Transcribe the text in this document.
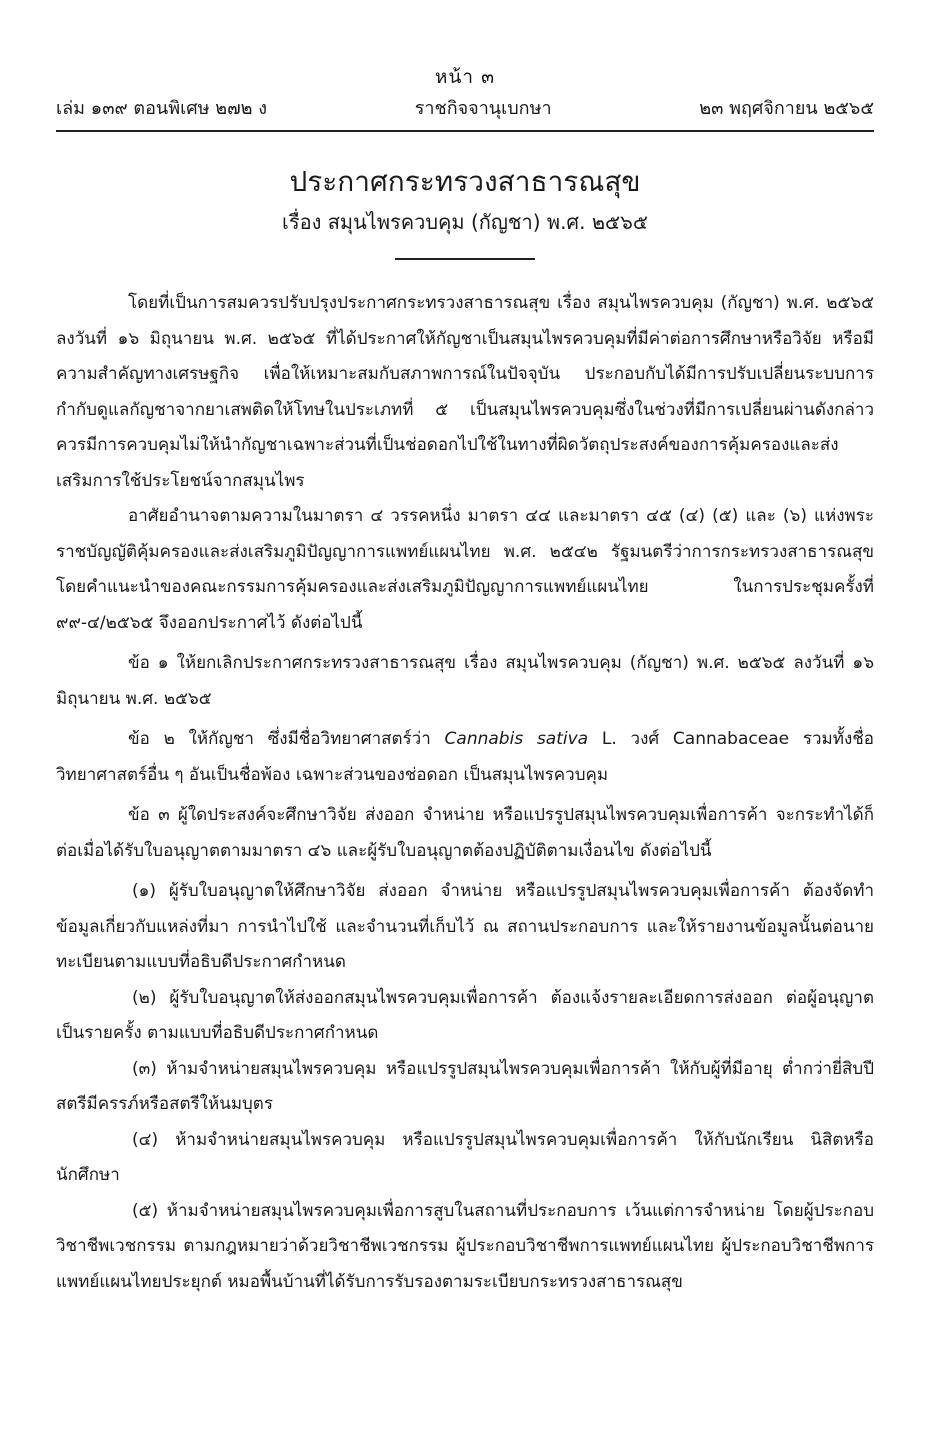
หน้า ๓
เล่ม ๑๓๙ ตอนพิเศษ ๒๗๒ ง	ราชกิจจานุเบกษา	๒๓ พฤศจิกายน ๒๕๖๕
ประกาศกระทรวงสาธารณสุข
เรื่อง สมุนไพรควบคุม (กัญชา) พ.ศ. ๒๕๖๕

โดยที่เป็นการสมควรปรับปรุงประกาศกระทรวงสาธารณสุข เรื่อง สมุนไพรควบคุม (กัญชา) พ.ศ. ๒๕๖๕ ลงวันที่ ๑๖ มิถุนายน พ.ศ. ๒๕๖๕ ที่ได้ประกาศให้กัญชาเป็นสมุนไพรควบคุมที่มีค่าต่อการศึกษาหรือวิจัย หรือมีความสำคัญทางเศรษฐกิจ เพื่อให้เหมาะสมกับสภาพการณ์ในปัจจุบัน ประกอบกับได้มีการปรับเปลี่ยนระบบการกำกับดูแลกัญชาจากยาเสพติดให้โทษในประเภทที่ ๕ เป็นสมุนไพรควบคุมซึ่งในช่วงที่มีการเปลี่ยนผ่านดังกล่าว ควรมีการควบคุมไม่ให้นำกัญชาเฉพาะส่วนที่เป็นช่อดอกไปใช้ในทางที่ผิดวัตถุประสงค์ของการคุ้มครองและส่งเสริมการใช้ประโยชน์จากสมุนไพร

อาศัยอำนาจตามความในมาตรา ๔ วรรคหนึ่ง มาตรา ๔๔ และมาตรา ๔๕ (๔) (๕) และ (๖) แห่งพระราชบัญญัติคุ้มครองและส่งเสริมภูมิปัญญาการแพทย์แผนไทย พ.ศ. ๒๕๔๒ รัฐมนตรีว่าการกระทรวงสาธารณสุขโดยคำแนะนำของคณะกรรมการคุ้มครองและส่งเสริมภูมิปัญญาการแพทย์แผนไทย ในการประชุมครั้งที่ ๙๙-๔/๒๕๖๕ จึงออกประกาศไว้ ดังต่อไปนี้

ข้อ ๑ ให้ยกเลิกประกาศกระทรวงสาธารณสุข เรื่อง สมุนไพรควบคุม (กัญชา) พ.ศ. ๒๕๖๕ ลงวันที่ ๑๖ มิถุนายน พ.ศ. ๒๕๖๕

ข้อ ๒ ให้กัญชา ซึ่งมีชื่อวิทยาศาสตร์ว่า Cannabis sativa L. วงศ์ Cannabaceae รวมทั้งชื่อวิทยาศาสตร์อื่น ๆ อันเป็นชื่อพ้อง เฉพาะส่วนของช่อดอก เป็นสมุนไพรควบคุม

ข้อ ๓ ผู้ใดประสงค์จะศึกษาวิจัย ส่งออก จำหน่าย หรือแปรรูปสมุนไพรควบคุมเพื่อการค้า จะกระทำได้ก็ต่อเมื่อได้รับใบอนุญาตตามมาตรา ๔๖ และผู้รับใบอนุญาตต้องปฏิบัติตามเงื่อนไข ดังต่อไปนี้

(๑) ผู้รับใบอนุญาตให้ศึกษาวิจัย ส่งออก จำหน่าย หรือแปรรูปสมุนไพรควบคุมเพื่อการค้า ต้องจัดทำข้อมูลเกี่ยวกับแหล่งที่มา การนำไปใช้ และจำนวนที่เก็บไว้ ณ สถานประกอบการ และให้รายงานข้อมูลนั้นต่อนายทะเบียนตามแบบที่อธิบดีประกาศกำหนด

(๒) ผู้รับใบอนุญาตให้ส่งออกสมุนไพรควบคุมเพื่อการค้า ต้องแจ้งรายละเอียดการส่งออก ต่อผู้อนุญาตเป็นรายครั้ง ตามแบบที่อธิบดีประกาศกำหนด

(๓) ห้ามจำหน่ายสมุนไพรควบคุม หรือแปรรูปสมุนไพรควบคุมเพื่อการค้า ให้กับผู้ที่มีอายุ ต่ำกว่ายี่สิบปี สตรีมีครรภ์หรือสตรีให้นมบุตร

(๔) ห้ามจำหน่ายสมุนไพรควบคุม หรือแปรรูปสมุนไพรควบคุมเพื่อการค้า ให้กับนักเรียน นิสิตหรือนักศึกษา

(๕) ห้ามจำหน่ายสมุนไพรควบคุมเพื่อการสูบในสถานที่ประกอบการ เว้นแต่การจำหน่าย โดยผู้ประกอบวิชาชีพเวชกรรม ตามกฎหมายว่าด้วยวิชาชีพเวชกรรม ผู้ประกอบวิชาชีพการแพทย์แผนไทย ผู้ประกอบวิชาชีพการแพทย์แผนไทยประยุกต์ หมอพื้นบ้านที่ได้รับการรับรองตามระเบียบกระทรวงสาธารณสุข
